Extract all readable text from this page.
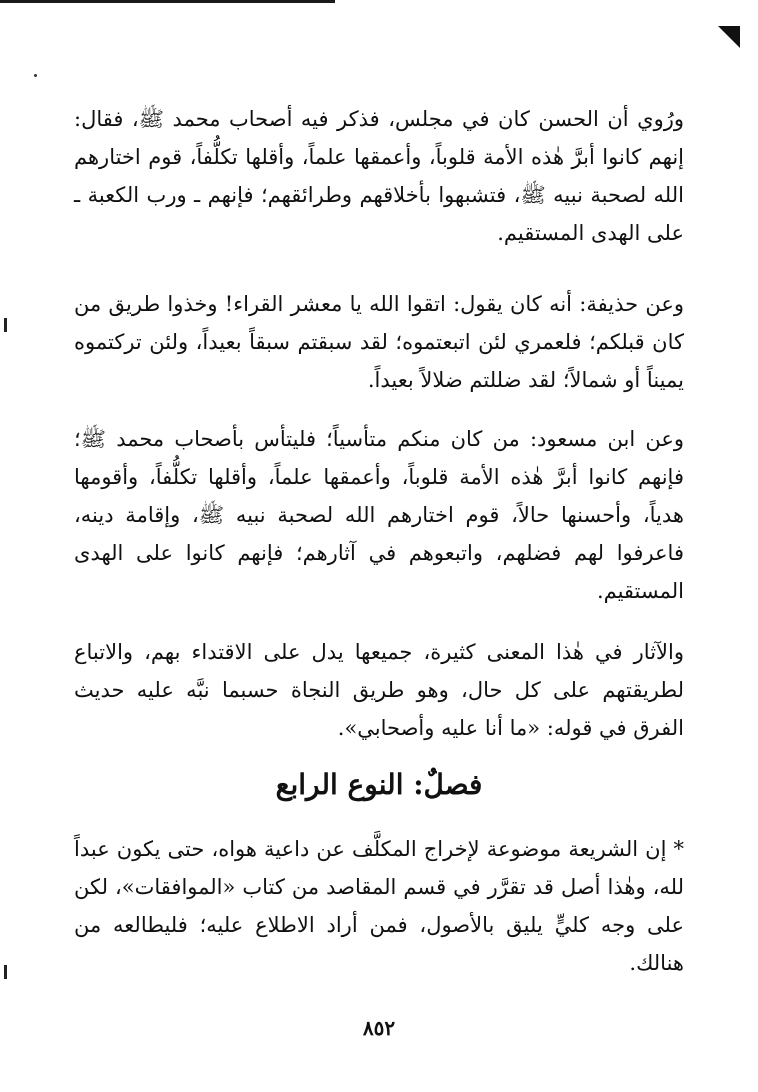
ورُوي أن الحسن كان في مجلس، فذكر فيه أصحاب محمد ﷺ، فقال: إنهم كانوا أبرَّ هٰذه الأمة قلوباً، وأعمقها علماً، وأقلها تكلُّفاً، قوم اختارهم الله لصحبة نبيه ﷺ، فتشبهوا بأخلاقهم وطرائقهم؛ فإنهم ـ ورب الكعبة ـ على الهدى المستقيم.

وعن حذيفة: أنه كان يقول: اتقوا الله يا معشر القراء! وخذوا طريق من كان قبلكم؛ فلعمري لئن اتبعتموه؛ لقد سبقتم سبقاً بعيداً، ولئن تركتموه يميناً أو شمالاً؛ لقد ضللتم ضلالاً بعيداً.

وعن ابن مسعود: من كان منكم متأسياً؛ فليتأس بأصحاب محمد ﷺ؛ فإنهم كانوا أبرَّ هٰذه الأمة قلوباً، وأعمقها علماً، وأقلها تكلُّفاً، وأقومها هدياً، وأحسنها حالاً، قوم اختارهم الله لصحبة نبيه ﷺ، وإقامة دينه، فاعرفوا لهم فضلهم، واتبعوهم في آثارهم؛ فإنهم كانوا على الهدى المستقيم.

والآثار في هٰذا المعنى كثيرة، جميعها يدل على الاقتداء بهم، والاتباع لطريقتهم على كل حال، وهو طريق النجاة حسبما نبَّه عليه حديث الفرق في قوله: «ما أنا عليه وأصحابي».

فصلٌ: النوع الرابع

* إن الشريعة موضوعة لإخراج المكلَّف عن داعية هواه، حتى يكون عبداً لله، وهٰذا أصل قد تقرَّر في قسم المقاصد من كتاب «الموافقات»، لكن على وجه كليٍّ يليق بالأصول، فمن أراد الاطلاع عليه؛ فليطالعه من هنالك.

٨٥٢
